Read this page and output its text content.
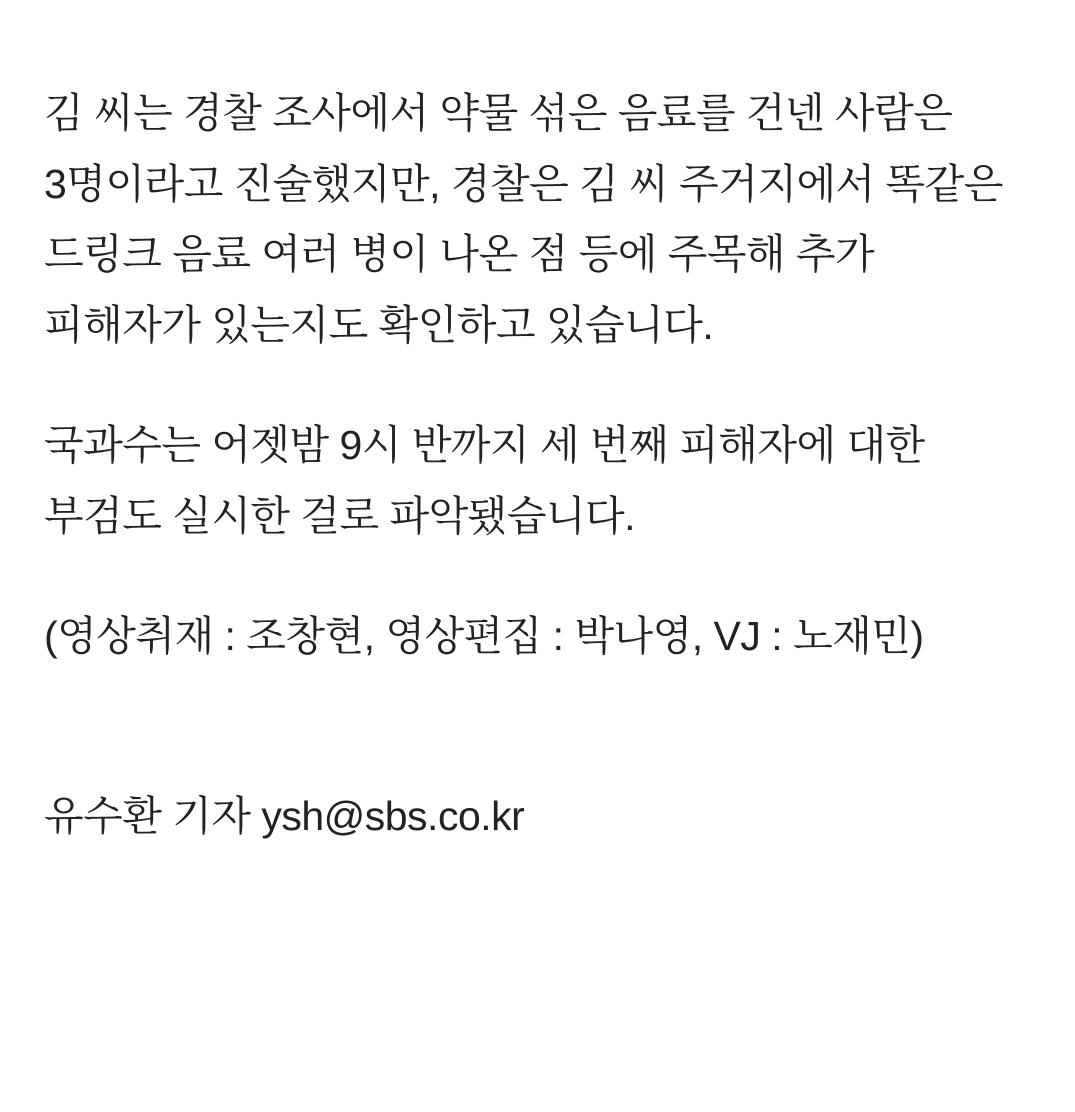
김 씨는 경찰 조사에서 약물 섞은 음료를 건넨 사람은 3명이라고 진술했지만, 경찰은 김 씨 주거지에서 똑같은 드링크 음료 여러 병이 나온 점 등에 주목해 추가 피해자가 있는지도 확인하고 있습니다.

국과수는 어젯밤 9시 반까지 세 번째 피해자에 대한 부검도 실시한 걸로 파악됐습니다.

(영상취재 : 조창현, 영상편집 : 박나영, VJ : 노재민)

유수환 기자 ysh@sbs.co.kr
